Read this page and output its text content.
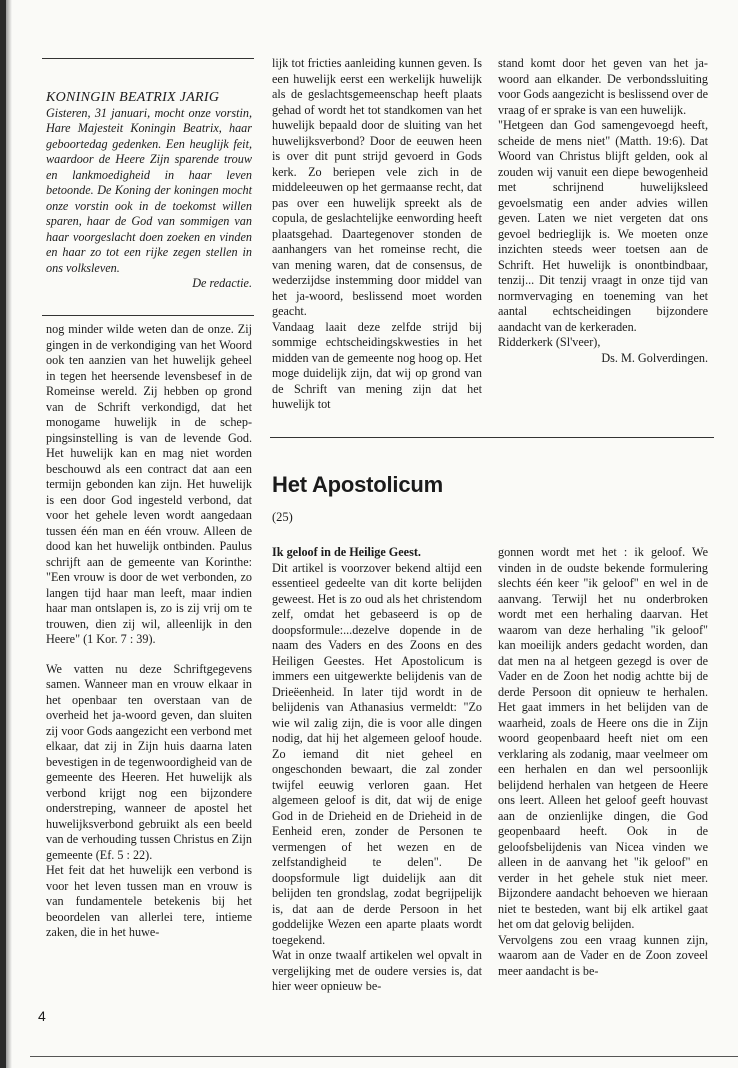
KONINGIN BEATRIX JARIG

Gisteren, 31 januari, mocht onze vorstin, Hare Majesteit Koningin Beatrix, haar geboortedag gedenken. Een heuglijk feit, waardoor de Heere Zijn sparende trouw en lankmoedigheid in haar leven betoonde. De Koning der koningen mocht onze vorstin ook in de toekomst willen sparen, haar de God van sommigen van haar voorgeslacht doen zoeken en vinden en haar zo tot een rijke zegen stellen in ons volksleven.

De redactie.

nog minder wilde weten dan de onze. Zij gingen in de verkondiging van het Woord ook ten aanzien van het huwelijk geheel in tegen het heersende levensbesef in de Romeinse wereld. Zij hebben op grond van de Schrift verkondigd, dat het monogame huwelijk in de scheppingsinstelling is van de levende God. Het huwelijk kan en mag niet worden beschouwd als een contract dat aan een termijn gebonden kan zijn. Het huwelijk is een door God ingesteld verbond, dat voor het gehele leven wordt aangedaan tussen één man en één vrouw. Alleen de dood kan het huwelijk ontbinden. Paulus schrijft aan de gemeente van Korinthe: "Een vrouw is door de wet verbonden, zo langen tijd haar man leeft, maar indien haar man ontslapen is, zo is zij vrij om te trouwen, dien zij wil, alleenlijk in den Heere" (1 Kor. 7 : 39).

We vatten nu deze Schriftgegevens samen. Wanneer man en vrouw elkaar in het openbaar ten overstaan van de overheid het ja-woord geven, dan sluiten zij voor Gods aangezicht een verbond met elkaar, dat zij in Zijn huis daarna laten bevestigen in de tegenwoordigheid van de gemeente des Heeren. Het huwelijk als verbond krijgt nog een bijzondere onderstreping, wanneer de apostel het huwelijksverbond gebruikt als een beeld van de verhouding tussen Christus en Zijn gemeente (Ef. 5 : 22).

Het feit dat het huwelijk een verbond is voor het leven tussen man en vrouw is van fundamentele betekenis bij het beoordelen van allerlei tere, intieme zaken, die in het huwe-

lijk tot fricties aanleiding kunnen geven. Is een huwelijk eerst een werkelijk huwelijk als de geslachtsgemeenschap heeft plaats gehad of wordt het tot standkomen van het huwelijk bepaald door de sluiting van het huwelijksverbond? Door de eeuwen heen is over dit punt strijd gevoerd in Gods kerk. Zo beriepen vele zich in de middeleeuwen op het germaanse recht, dat pas over een huwelijk spreekt als de copula, de geslachtelijke eenwording heeft plaatsgehad. Daartegenover stonden de aanhangers van het romeinse recht, die van mening waren, dat de consensus, de wederzijdse instemming door middel van het ja-woord, beslissend moet worden geacht.

Vandaag laait deze zelfde strijd bij sommige echtscheidingskwesties in het midden van de gemeente nog hoog op. Het moge duidelijk zijn, dat wij op grond van de Schrift van mening zijn dat het huwelijk tot

stand komt door het geven van het ja-woord aan elkander. De verbondssluiting voor Gods aangezicht is beslissend over de vraag of er sprake is van een huwelijk.

"Hetgeen dan God samengevoegd heeft, scheide de mens niet" (Matth. 19:6). Dat Woord van Christus blijft gelden, ook al zouden wij vanuit een diepe bewogenheid met schrijnend huwelijksleed gevoelsmatig een ander advies willen geven. Laten we niet vergeten dat ons gevoel bedrieglijk is. We moeten onze inzichten steeds weer toetsen aan de Schrift. Het huwelijk is onontbindbaar, tenzij... Dit tenzij vraagt in onze tijd van normvervaging en toeneming van het aantal echtscheidingen bijzondere aandacht van de kerkeraden.

Ridderkerk (Sl'veer),

Ds. M. Golverdingen.

Het Apostolicum
(25)

Ik geloof in de Heilige Geest.

Dit artikel is voorzover bekend altijd een essentieel gedeelte van dit korte belijden geweest. Het is zo oud als het christendom zelf, omdat het gebaseerd is op de doopsformule:...dezelve dopende in de naam des Vaders en des Zoons en des Heiligen Geestes. Het Apostolicum is immers een uitgewerkte belijdenis van de Drieëenheid. In later tijd wordt in de belijdenis van Athanasius vermeldt: "Zo wie wil zalig zijn, die is voor alle dingen nodig, dat hij het algemeen geloof houde. Zo iemand dit niet geheel en ongeschonden bewaart, die zal zonder twijfel eeuwig verloren gaan. Het algemeen geloof is dit, dat wij de enige God in de Drieheid en de Drieheid in de Eenheid eren, zonder de Personen te vermengen of het wezen en de zelfstandigheid te delen". De doopsformule ligt duidelijk aan dit belijden ten grondslag, zodat begrijpelijk is, dat aan de derde Persoon in het goddelijke Wezen een aparte plaats wordt toegekend.

Wat in onze twaalf artikelen wel opvalt in vergelijking met de oudere versies is, dat hier weer opnieuw be-

gonnen wordt met het : ik geloof. We vinden in de oudste bekende formulering slechts één keer "ik geloof" en wel in de aanvang. Terwijl het nu onderbroken wordt met een herhaling daarvan. Het waarom van deze herhaling "ik geloof" kan moeilijk anders gedacht worden, dan dat men na al hetgeen gezegd is over de Vader en de Zoon het nodig achtte bij de derde Persoon dit opnieuw te herhalen. Het gaat immers in het belijden van de waarheid, zoals de Heere ons die in Zijn woord geopenbaard heeft niet om een verklaring als zodanig, maar veelmeer om een herhalen en dan wel persoonlijk belijdend herhalen van hetgeen de Heere ons leert. Alleen het geloof geeft houvast aan de onzienlijke dingen, die God geopenbaard heeft. Ook in de geloofsbelijdenis van Nicea vinden we alleen in de aanvang het "ik geloof" en verder in het gehele stuk niet meer. Bijzondere aandacht behoeven we hieraan niet te besteden, want bij elk artikel gaat het om dat gelovig belijden.

Vervolgens zou een vraag kunnen zijn, waarom aan de Vader en de Zoon zoveel meer aandacht is be-

4
